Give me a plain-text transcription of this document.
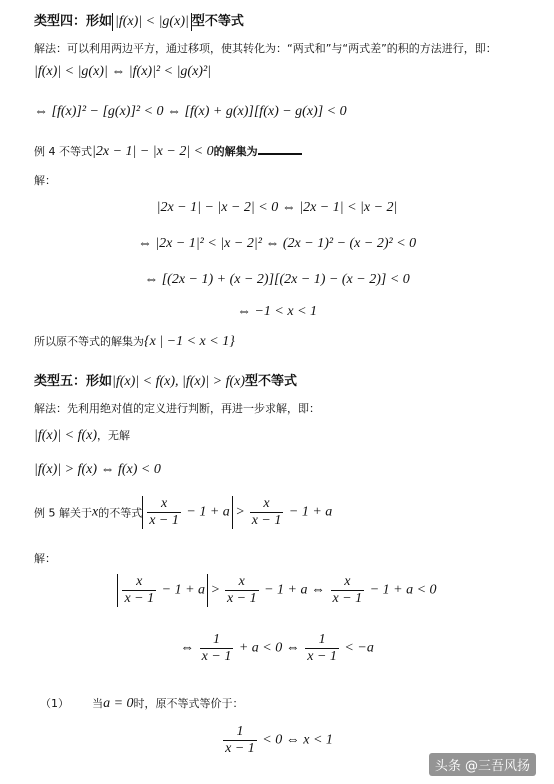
类型四：形如 |f(x)| < |g(x)| 型不等式
解法：可以利用两边平方，通过移项，使其转化为：“两式和”与“两式差”的积的方法进行，即：
|f(x)| < |g(x)| ⇔ |f(x)|² < |g(x)²|
⇔ [f(x)]² − [g(x)]² < 0 ⇔ [f(x) + g(x)][f(x) − g(x)] < 0
例 4 不等式|2x − 1| − |x − 2| < 0的解集为
解：
|2x − 1| − |x − 2| < 0 ⇔ |2x − 1| < |x − 2|
⇔ |2x − 1|² < |x − 2|² ⇔ (2x − 1)² − (x − 2)² < 0
⇔ [(2x − 1) + (x − 2)][(2x − 1) − (x − 2)] < 0
⇔ −1 < x < 1
所以原不等式的解集为{x | −1 < x < 1}
类型五：形如|f(x)| < f(x), |f(x)| > f(x)型不等式
解法：先利用绝对值的定义进行判断，再进一步求解，即：
|f(x)| < f(x)，无解
|f(x)| > f(x) ⇔ f(x) < 0
例 5 解关于x的不等式 $\frac{x}{x - 1} - 1 + a > \frac{x}{x - 1} - 1 + a$
解：
$\frac{x}{x - 1} - 1 + a > \frac{x}{x - 1} - 1 + a$ ⇔ $\frac{x}{x - 1} - 1 + a < 0$
⇔ $\frac{1}{x - 1} + a < 0$ ⇔ $\frac{1}{x - 1} < -a$
（1） 当a = 0时，原不等式等价于：
$\frac{1}{x - 1} < 0$ ⇔ x < 1
头条 @三吾风扬
